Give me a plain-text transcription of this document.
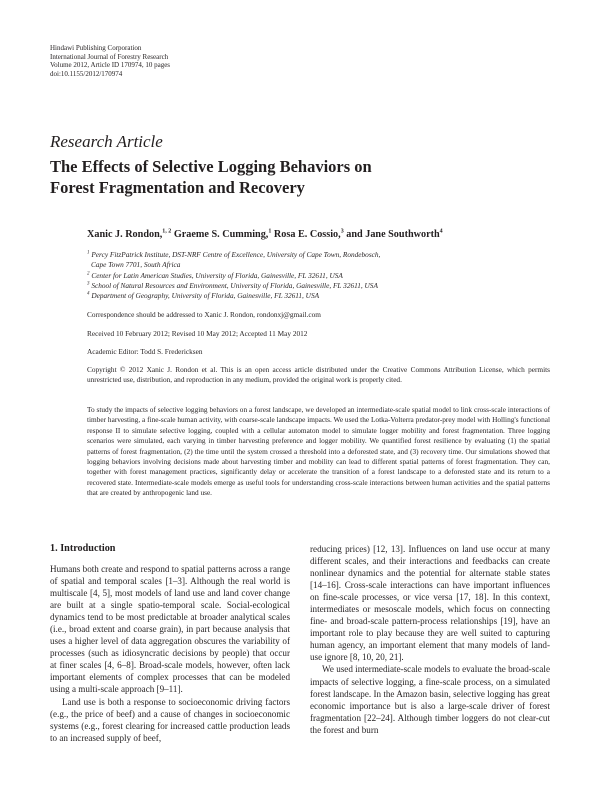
Hindawi Publishing Corporation
International Journal of Forestry Research
Volume 2012, Article ID 170974, 10 pages
doi:10.1155/2012/170974
Research Article
The Effects of Selective Logging Behaviors on
Forest Fragmentation and Recovery
Xanic J. Rondon,$^{1, 2}$ Graeme S. Cumming,$^1$ Rosa E. Cossio,$^3$ and Jane Southworth$^4$
$^1$ Percy FitzPatrick Institute, DST-NRF Centre of Excellence, University of Cape Town, Rondebosch,
Cape Town 7701, South Africa
$^2$ Center for Latin American Studies, University of Florida, Gainesville, FL 32611, USA
$^3$ School of Natural Resources and Environment, University of Florida, Gainesville, FL 32611, USA
$^4$ Department of Geography, University of Florida, Gainesville, FL 32611, USA
Correspondence should be addressed to Xanic J. Rondon, rondonxj@gmail.com
Received 10 February 2012; Revised 10 May 2012; Accepted 11 May 2012
Academic Editor: Todd S. Fredericksen
Copyright © 2012 Xanic J. Rondon et al. This is an open access article distributed under the Creative Commons Attribution License, which permits unrestricted use, distribution, and reproduction in any medium, provided the original work is properly cited.
To study the impacts of selective logging behaviors on a forest landscape, we developed an intermediate-scale spatial model to link cross-scale interactions of timber harvesting, a fine-scale human activity, with coarse-scale landscape impacts. We used the Lotka-Volterra predator-prey model with Holling's functional response II to simulate selective logging, coupled with a cellular automaton model to simulate logger mobility and forest fragmentation. Three logging scenarios were simulated, each varying in timber harvesting preference and logger mobility. We quantified forest resilience by evaluating (1) the spatial patterns of forest fragmentation, (2) the time until the system crossed a threshold into a deforested state, and (3) recovery time. Our simulations showed that logging behaviors involving decisions made about harvesting timber and mobility can lead to different spatial patterns of forest fragmentation. They can, together with forest management practices, significantly delay or accelerate the transition of a forest landscape to a deforested state and its return to a recovered state. Intermediate-scale models emerge as useful tools for understanding cross-scale interactions between human activities and the spatial patterns that are created by anthropogenic land use.
1. Introduction

Humans both create and respond to spatial patterns across a range of spatial and temporal scales [1–3]. Although the real world is multiscale [4, 5], most models of land use and land cover change are built at a single spatio-temporal scale. Social-ecological dynamics tend to be most predictable at broader analytical scales (i.e., broad extent and coarse grain), in part because analysis that uses a higher level of data aggregation obscures the variability of processes (such as idiosyncratic decisions by people) that occur at finer scales [4, 6–8]. Broad-scale models, however, often lack important elements of complex processes that can be modeled using a multi-scale approach [9–11].

Land use is both a response to socioeconomic driving factors (e.g., the price of beef) and a cause of changes in socioeconomic systems (e.g., forest clearing for increased cattle production leads to an increased supply of beef,

reducing prices) [12, 13]. Influences on land use occur at many different scales, and their interactions and feedbacks can create nonlinear dynamics and the potential for alternate stable states [14–16]. Cross-scale interactions can have important influences on fine-scale processes, or vice versa [17, 18]. In this context, intermediates or mesoscale models, which focus on connecting fine- and broad-scale pattern-process relationships [19], have an important role to play because they are well suited to capturing human agency, an important element that many models of land-use ignore [8, 10, 20, 21].

We used intermediate-scale models to evaluate the broad-scale impacts of selective logging, a fine-scale process, on a simulated forest landscape. In the Amazon basin, selective logging has great economic importance but is also a large-scale driver of forest fragmentation [22–24]. Although timber loggers do not clear-cut the forest and burn
